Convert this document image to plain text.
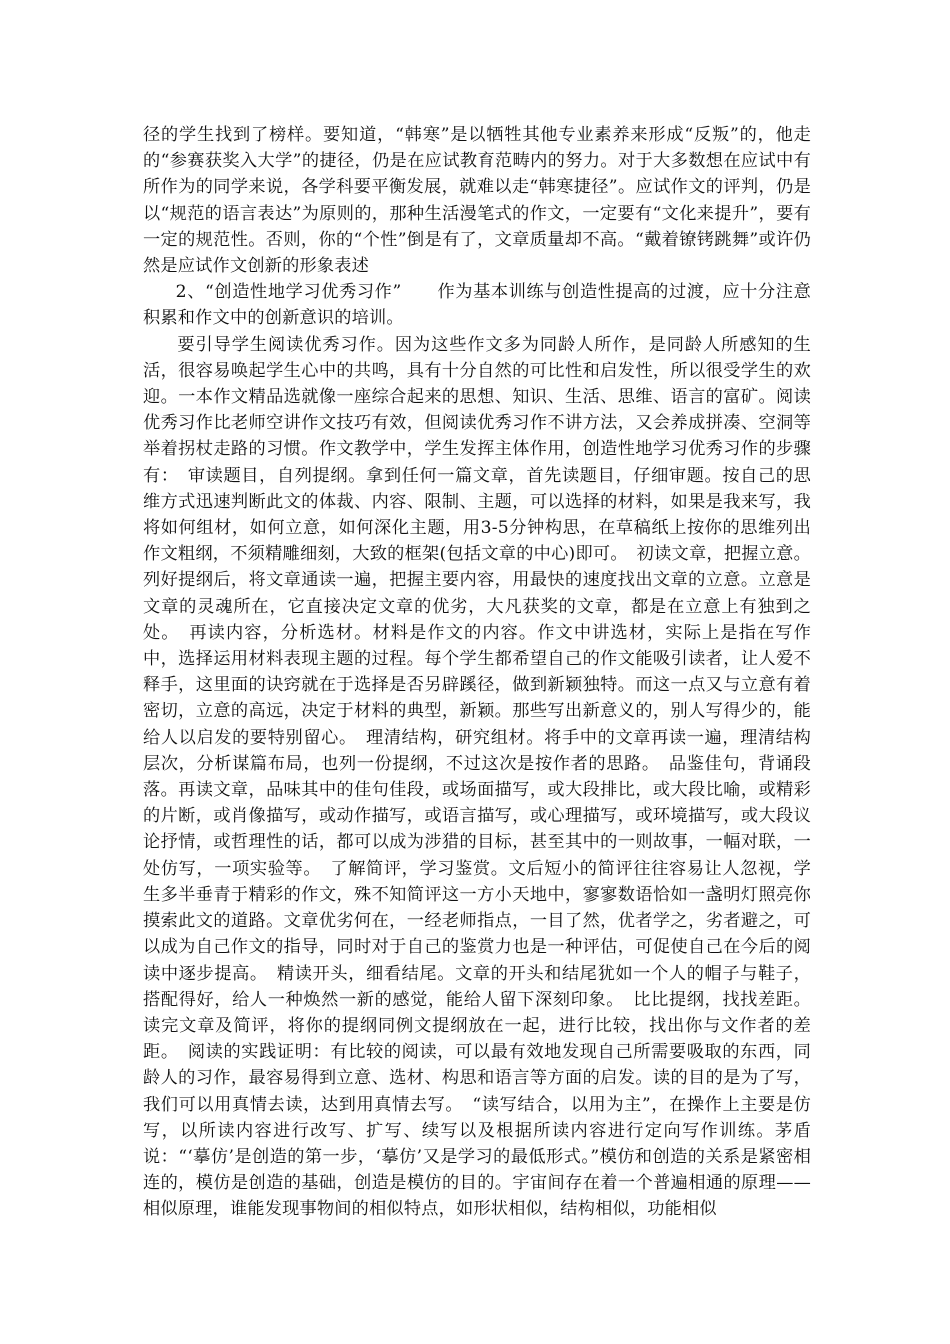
径的学生找到了榜样。要知道，“韩寒”是以牺牲其他专业素养来形成“反叛”的，他走的“参赛获奖入大学”的捷径，仍是在应试教育范畴内的努力。对于大多数想在应试中有所作为的同学来说，各学科要平衡发展，就难以走“韩寒捷径”。应试作文的评判，仍是以“规范的语言表达”为原则的，那种生活漫笔式的作文，一定要有“文化来提升”，要有一定的规范性。否则，你的“个性”倒是有了，文章质量却不高。“戴着镣铐跳舞”或许仍然是应试作文创新的形象表述

2、“创造性地学习优秀习作”　　作为基本训练与创造性提高的过渡，应十分注意积累和作文中的创新意识的培训。

要引导学生阅读优秀习作。因为这些作文多为同龄人所作，是同龄人所感知的生活，很容易唤起学生心中的共鸣，具有十分自然的可比性和启发性，所以很受学生的欢迎。一本作文精品选就像一座综合起来的思想、知识、生活、思维、语言的富矿。阅读优秀习作比老师空讲作文技巧有效，但阅读优秀习作不讲方法，又会养成拼凑、空洞等举着拐杖走路的习惯。作文教学中，学生发挥主体作用，创造性地学习优秀习作的步骤有：　审读题目，自列提纲。拿到任何一篇文章，首先读题目，仔细审题。按自己的思维方式迅速判断此文的体裁、内容、限制、主题，可以选择的材料，如果是我来写，我将如何组材，如何立意，如何深化主题，用3-5分钟构思，在草稿纸上按你的思维列出作文粗纲，不须精雕细刻，大致的框架(包括文章的中心)即可。　初读文章，把握立意。列好提纲后，将文章通读一遍，把握主要内容，用最快的速度找出文章的立意。立意是文章的灵魂所在，它直接决定文章的优劣，大凡获奖的文章，都是在立意上有独到之处。　再读内容，分析选材。材料是作文的内容。作文中讲选材，实际上是指在写作中，选择运用材料表现主题的过程。每个学生都希望自己的作文能吸引读者，让人爱不释手，这里面的诀窍就在于选择是否另辟蹊径，做到新颖独特。而这一点又与立意有着密切，立意的高远，决定于材料的典型，新颖。那些写出新意义的，别人写得少的，能给人以启发的要特别留心。　理清结构，研究组材。将手中的文章再读一遍，理清结构层次，分析谋篇布局，也列一份提纲，不过这次是按作者的思路。　品鉴佳句，背诵段落。再读文章，品味其中的佳句佳段，或场面描写，或大段排比，或大段比喻，或精彩的片断，或肖像描写，或动作描写，或语言描写，或心理描写，或环境描写，或大段议论抒情，或哲理性的话，都可以成为涉猎的目标，甚至其中的一则故事，一幅对联，一处仿写，一项实验等。　了解简评，学习鉴赏。文后短小的简评往往容易让人忽视，学生多半垂青于精彩的作文，殊不知简评这一方小天地中，寥寥数语恰如一盏明灯照亮你摸索此文的道路。文章优劣何在，一经老师指点，一目了然，优者学之，劣者避之，可以成为自己作文的指导，同时对于自己的鉴赏力也是一种评估，可促使自己在今后的阅读中逐步提高。　精读开头，细看结尾。文章的开头和结尾犹如一个人的帽子与鞋子，搭配得好，给人一种焕然一新的感觉，能给人留下深刻印象。　比比提纲，找找差距。读完文章及简评，将你的提纲同例文提纲放在一起，进行比较，找出你与文作者的差距。　阅读的实践证明：有比较的阅读，可以最有效地发现自己所需要吸取的东西，同龄人的习作，最容易得到立意、选材、构思和语言等方面的启发。读的目的是为了写，我们可以用真情去读，达到用真情去写。　“读写结合，以用为主”，在操作上主要是仿写，以所读内容进行改写、扩写、续写以及根据所读内容进行定向写作训练。茅盾说：“‘摹仿’是创造的第一步，‘摹仿’又是学习的最低形式。”模仿和创造的关系是紧密相连的，模仿是创造的基础，创造是模仿的目的。宇宙间存在着一个普遍相通的原理——相似原理，谁能发现事物间的相似特点，如形状相似，结构相似，功能相似
